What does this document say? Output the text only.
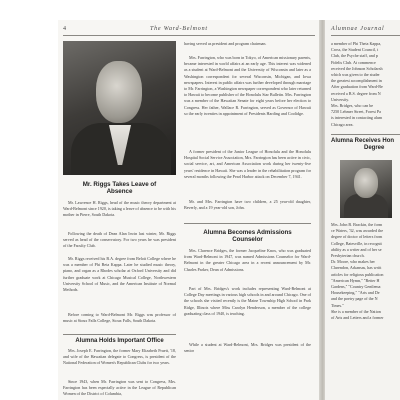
4	The Ward-Belmont
Mr. Riggs Takes Leave of
Absence
Mr. Lawrence H. Riggs, head of the music theory department at Ward-Belmont since 1920, is taking a leave of absence to be with his mother in Pierre, South Dakota.
Following the death of Dean Alan Irwin last winter, Mr. Riggs served as head of the conservatory. For two years he was president of the Faculty Club.
Mr. Riggs received his B.A. degree from Beloit College where he was a member of Phi Beta Kappa. Later he studied music theory, piano, and organ as a Rhodes scholar at Oxford University and did further graduate work at Chicago Musical College, Northwestern University School of Music, and the American Institute of Normal Methods.
Before coming to Ward-Belmont Mr. Riggs was professor of music at Sioux Falls College, Sioux Falls, South Dakota.
Alumna Holds Important Office
Mrs. Joseph E. Farrington, the former Mary Elizabeth Pruett, '18, and wife of the Hawaiian delegate to Congress, is president of the National Federation of Women's Republican Clubs for two years.
Since 1943, when Mr. Farrington was sent to Congress, Mrs. Farrington has been especially active in the League of Republican Women of the District of Columbia,
having served as president and program chairman.
Mrs. Farrington, who was born in Tokyo, of American missionary parents, became interested in world affairs at an early age. This interest was widened as a student at Ward-Belmont and the University of Wisconsin and later as a Washington correspondent for several Wisconsin, Michigan, and Iowa newspapers. Interest in public affairs was further developed through marriage to Mr. Farrington, a Washington newspaper correspondent who later returned to Hawaii to become publisher of the Honolulu Star Bulletin. Mrs. Farrington was a member of the Hawaiian Senate for eight years before her election to Congress. Her father, Wallace R. Farrington, served as Governor of Hawaii so the early twenties in appointment of Presidents Harding and Coolidge.
A former president of the Junior League of Honolulu and the Honolulu Hospital Social Service Association, Mrs. Farrington has been active in civic, social service, art, and American Association work during her twenty-five years' residence in Hawaii. She was a leader in the rehabilitation program for several months following the Pearl Harbor attack on December 7, 1941.
Mr. and Mrs. Farrington have two children, a 25 year-old daughter, Beverly, and a 19 year-old son, John.
Alumna Becomes Admissions
Counselor
Mrs. Clarence Bridges, the former Jacqueline Knox, who was graduated from Ward-Belmont in 1947, was named Admissions Counselor for Ward-Belmont in the greater Chicago area in a recent announcement by Mr. Charles Parker, Dean of Admissions.
Part of Mrs. Bridges's work includes representing Ward-Belmont at College Day meetings in various high schools in and around Chicago. One of the schools she visited recently is the Maine Township High School in Park Ridge, Illinois where Miss Carolyn Henderson, a member of the college graduating class of 1940, is teaching.
While a student at Ward-Belmont, Mrs. Bridges was president of the senior
Alumnae Journal
a member of Phi Theta Kappa,
Cross, the Student Council, t
Club, the Psyche staff, and p
Fidelis Club. At commence
received the Johnson Scholarsh
which was given to the studer
the greatest accomplishment in
After graduation from Ward-Be
received a B.S. degree from N
University.
Mrs. Bridges, who can be
7250 Lehmer Street, Forest Pa
is interested in contacting alum
Chicago area.
Alumna Receives Hon
Degree
Mrs. John B. Brackin, the form
ce Waters, '32, was awarded the
degree of doctor of letters from
College, Batesville, in recognit
ability as a writer and of her se
Presbyterian church.
Dr. Moore, who makes her
Clarendon, Arkansas, has writt
articles for religious publication
"American Hymn," "Better H
Gardens," "Country Gentlema
Housekeeping," "Arts and De
and the poetry page of the N
Times."
She is a member of the Nation
of Arts and Letters and a former
